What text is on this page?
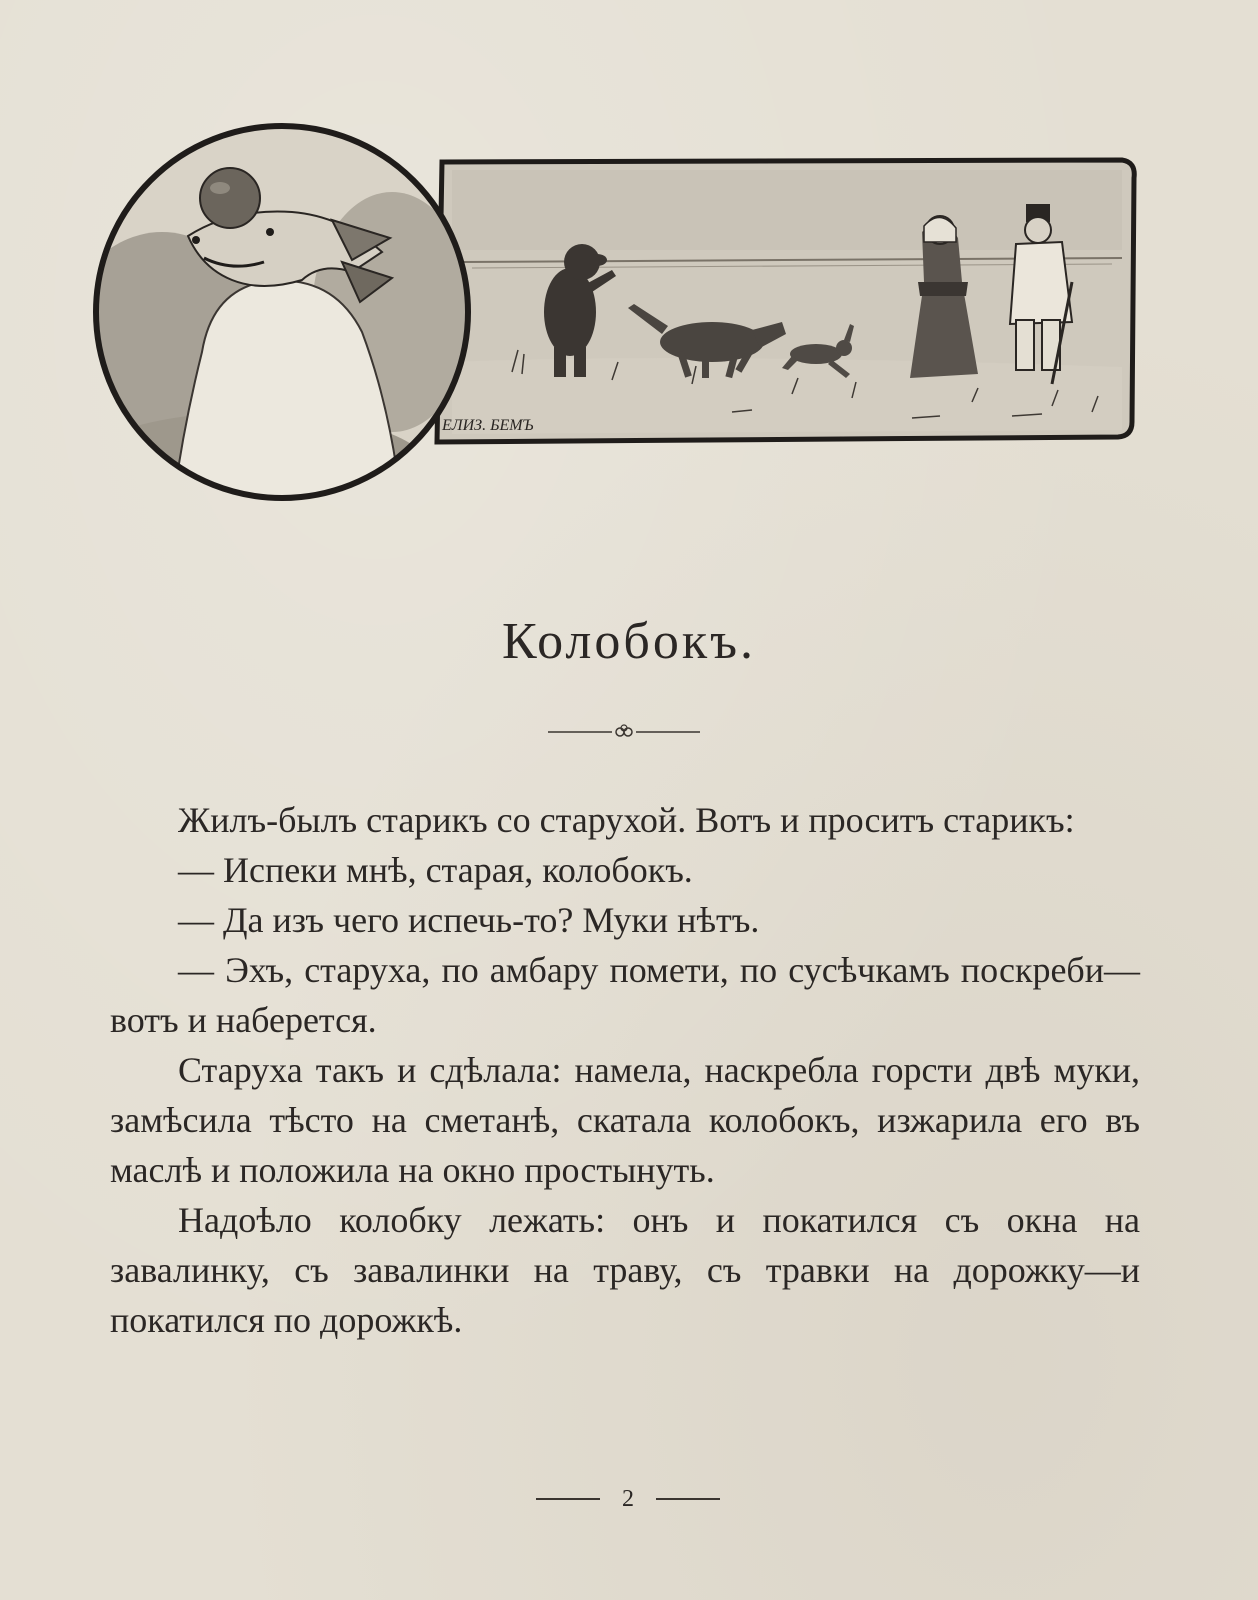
ЕЛИЗ. БЕМЪ
Колобокъ.

Жилъ-былъ старикъ со старухой. Вотъ и проситъ старикъ:

— Испеки мнѣ, старая, колобокъ.

— Да изъ чего испечь-то? Муки нѣтъ.

— Эхъ, старуха, по амбару помети, по сусѣчкамъ поскреби—вотъ и наберется.

Старуха такъ и сдѣлала: намела, наскребла горсти двѣ муки, замѣсила тѣсто на сметанѣ, скатала колобокъ, изжарила его въ маслѣ и положила на окно простынуть.

Надоѣло колобку лежать: онъ и покатился съ окна на завалинку, съ завалинки на траву, съ травки на дорожку—и покатился по дорожкѣ.

2
